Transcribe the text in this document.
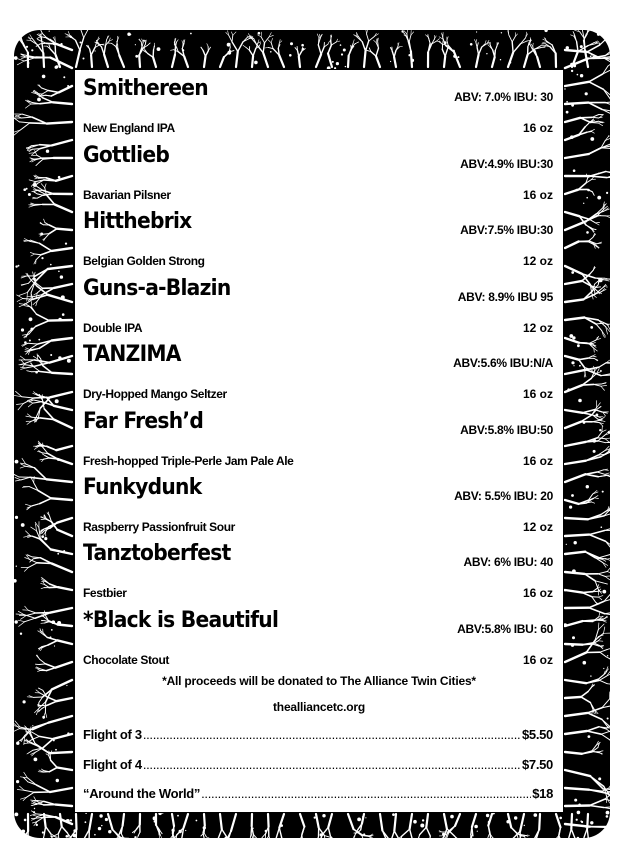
Smithereen	ABV: 7.0% IBU: 30
New England IPA	16 oz
Gottlieb	ABV:4.9% IBU:30
Bavarian Pilsner	16 oz
Hitthebrix	ABV:7.5% IBU:30
Belgian Golden Strong	12 oz
Guns-a-Blazin	ABV: 8.9% IBU 95
Double IPA	12 oz
TANZIMA	ABV:5.6% IBU:N/A
Dry-Hopped Mango Seltzer	16 oz
Far Fresh’d	ABV:5.8% IBU:50
Fresh-hopped Triple-Perle Jam Pale Ale	16 oz
Funkydunk	ABV: 5.5% IBU: 20
Raspberry Passionfruit Sour	12 oz
Tanztoberfest	ABV: 6% IBU: 40
Festbier	16 oz
*Black is Beautiful	ABV:5.8% IBU: 60
Chocolate Stout	16 oz
*All proceeds will be donated to The Alliance Twin Cities*
thealliancetc.org
Flight of 3 .....	$5.50
Flight of 4 .....	$7.50
“Around the World” .....	$18
